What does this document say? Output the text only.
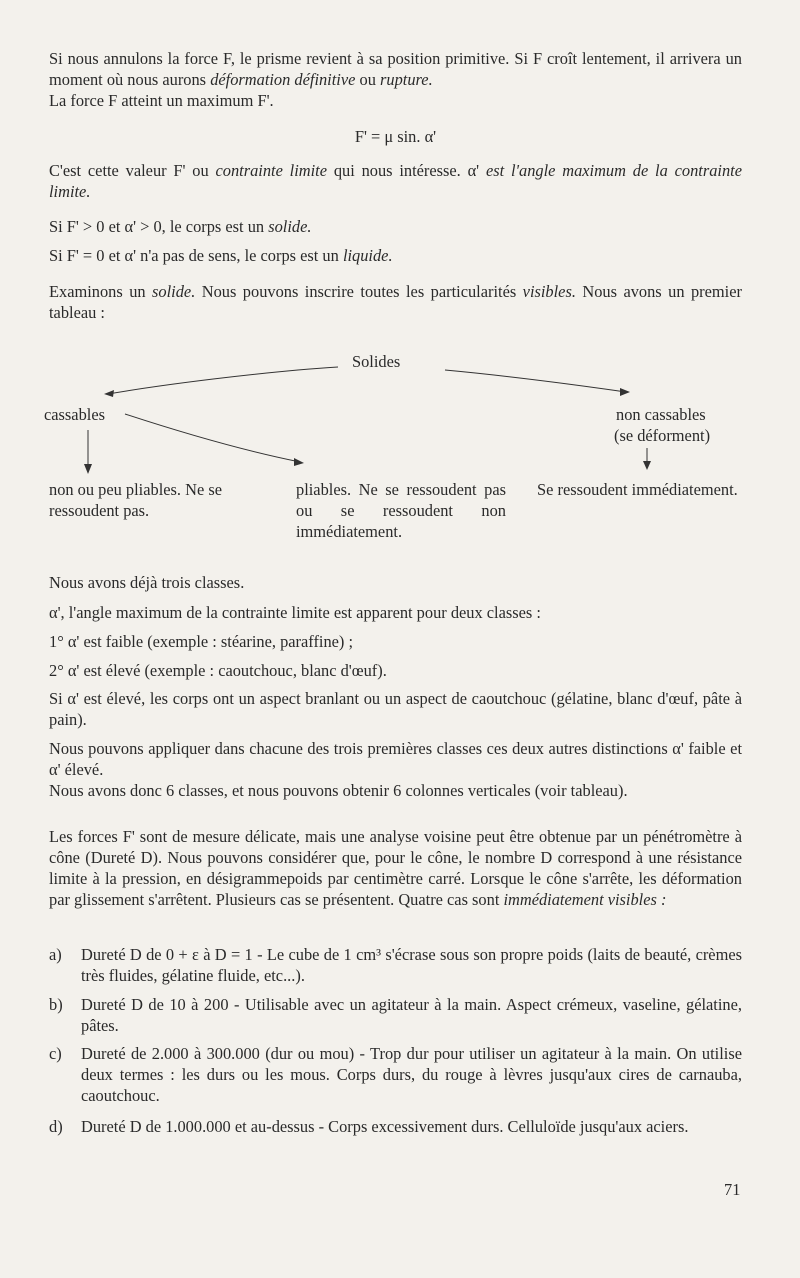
Si nous annulons la force F, le prisme revient à sa position primitive. Si F croît lentement, il arrivera un moment où nous aurons déformation définitive ou rupture.
La force F atteint un maximum F'.

F' = μ sin. α'

C'est cette valeur F' ou contrainte limite qui nous intéresse. α' est l'angle maximum de la contrainte limite.

Si F' > 0 et α' > 0, le corps est un solide.

Si F' = 0 et α' n'a pas de sens, le corps est un liquide.

Examinons un solide. Nous pouvons inscrire toutes les particularités visibles. Nous avons un premier tableau :

Solides
cassables	non cassables
(se déforment)
non ou peu pliables. Ne se ressoudent pas.
pliables. Ne se ressoudent pas ou se ressoudent non immédiatement.
Se ressoudent immédiatement.

Nous avons déjà trois classes.

α', l'angle maximum de la contrainte limite est apparent pour deux classes :

1° α' est faible (exemple : stéarine, paraffine) ;

2° α' est élevé (exemple : caoutchouc, blanc d'œuf).

Si α' est élevé, les corps ont un aspect branlant ou un aspect de caoutchouc (gélatine, blanc d'œuf, pâte à pain).

Nous pouvons appliquer dans chacune des trois premières classes ces deux autres distinctions α' faible et α' élevé.

Nous avons donc 6 classes, et nous pouvons obtenir 6 colonnes verticales (voir tableau).

Les forces F' sont de mesure délicate, mais une analyse voisine peut être obtenue par un pénétromètre à cône (Dureté D). Nous pouvons considérer que, pour le cône, le nombre D correspond à une résistance limite à la pression, en désigrammepoids par centimètre carré. Lorsque le cône s'arrête, les déformation par glissement s'arrêtent. Plusieurs cas se présentent. Quatre cas sont immédiatement visibles :

a) Dureté D de 0 + ε à D = 1 - Le cube de 1 cm³ s'écrase sous son propre poids (laits de beauté, crèmes très fluides, gélatine fluide, etc...).
b) Dureté D de 10 à 200 - Utilisable avec un agitateur à la main. Aspect crémeux, vaseline, gélatine, pâtes.
c) Dureté de 2.000 à 300.000 (dur ou mou) - Trop dur pour utiliser un agitateur à la main. On utilise deux termes : les durs ou les mous. Corps durs, du rouge à lèvres jusqu'aux cires de carnauba, caoutchouc.
d) Dureté D de 1.000.000 et au-dessus - Corps excessivement durs. Celluloïde jusqu'aux aciers.
71
